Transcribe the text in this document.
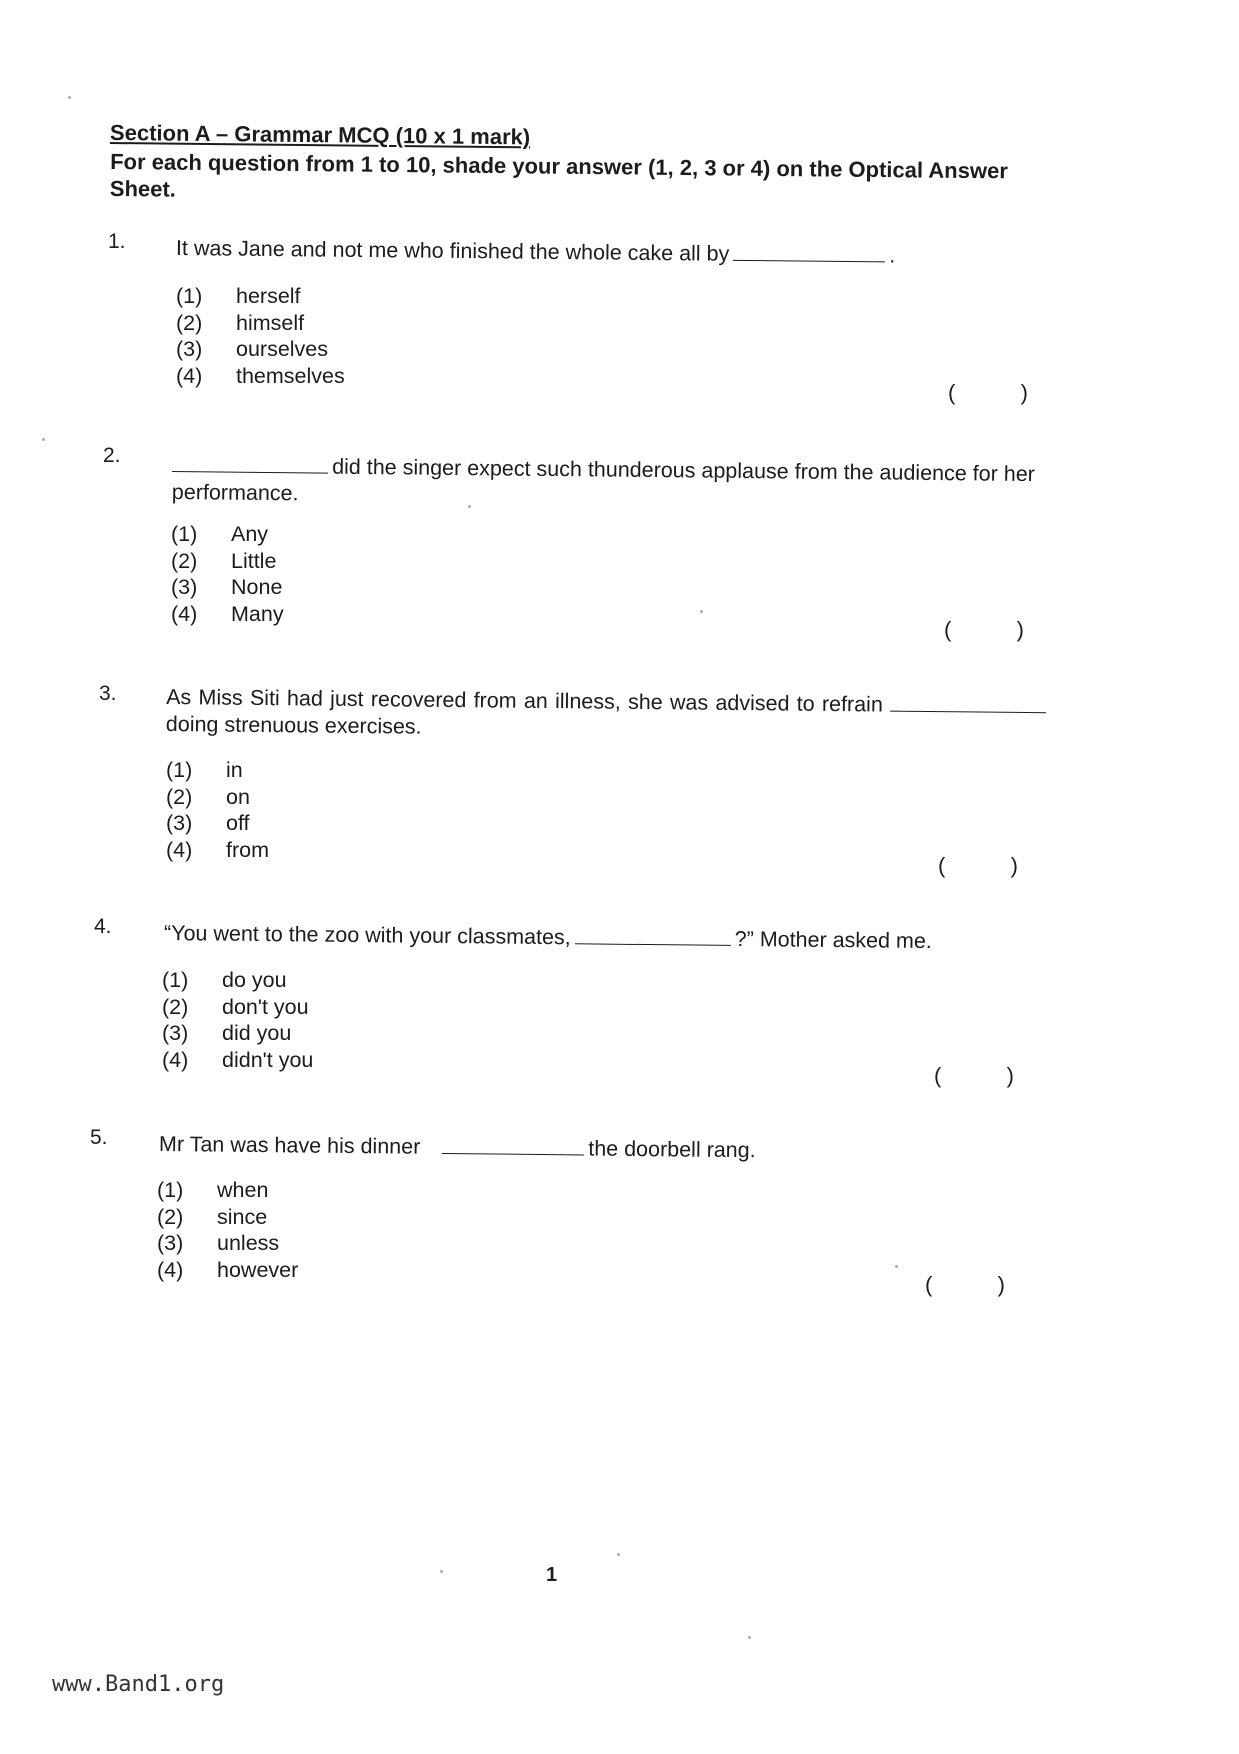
Section A – Grammar MCQ (10 x 1 mark)
For each question from 1 to 10, shade your answer (1, 2, 3 or 4) on the Optical Answer Sheet.
1. It was Jane and not me who finished the whole cake all by	.
(1) herself
(2) himself
(3) ourselves
(4) themselves
(	)
2.	did the singer expect such thunderous applause from the audience for her performance.
(1) Any
(2) Little
(3) None
(4) Many
(	)
3. As Miss Siti had just recovered from an illness, she was advised to refrain doing strenuous exercises.
(1) in
(2) on
(3) off
(4) from
(	)
4. “You went to the zoo with your classmates,	?” Mother asked me.
(1) do you
(2) don't you
(3) did you
(4) didn't you
(	)
5. Mr Tan was have his dinner	the doorbell rang.
(1) when
(2) since
(3) unless
(4) however
(	)
1
www.Band1.org
